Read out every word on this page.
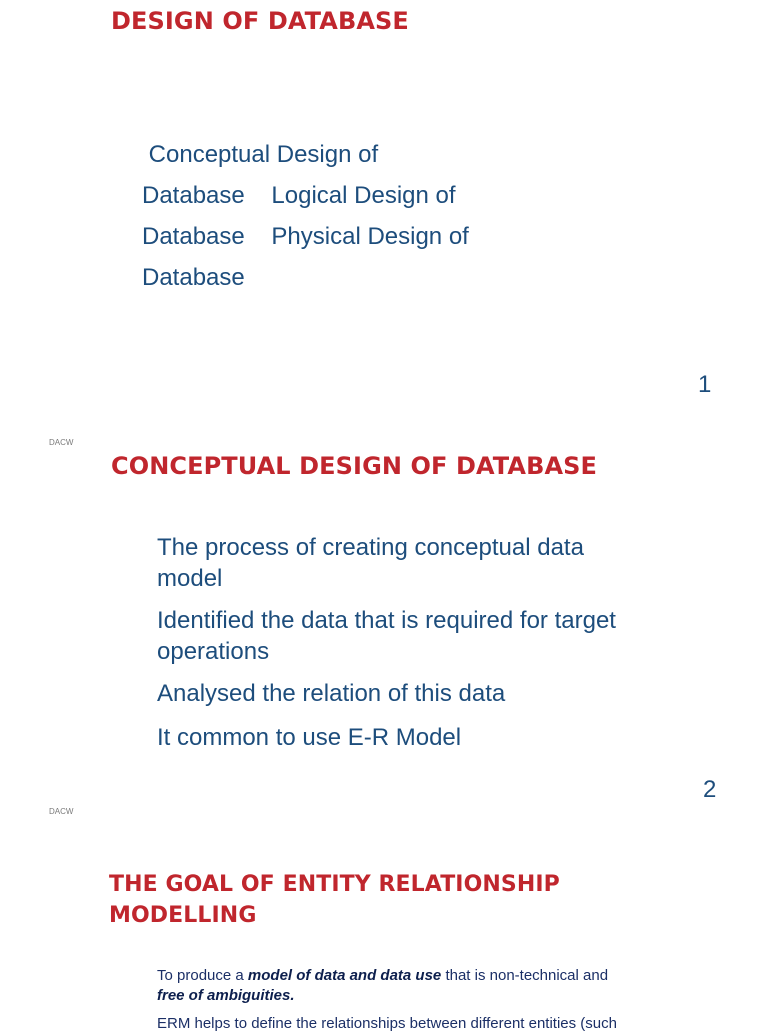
DESIGN OF DATABASE
Conceptual Design of
Database    Logical Design of
Database    Physical Design of
Database
1
DACW
CONCEPTUAL DESIGN OF DATABASE
The process of creating conceptual data model
Identified the data that is required for target operations
Analysed the relation of this data
It common to use E-R Model
2
DACW
THE GOAL OF ENTITY RELATIONSHIP
MODELLING
To produce a model of data and data use that is non-technical and
free of ambiguities.
ERM helps to define the relationships between different entities (such
